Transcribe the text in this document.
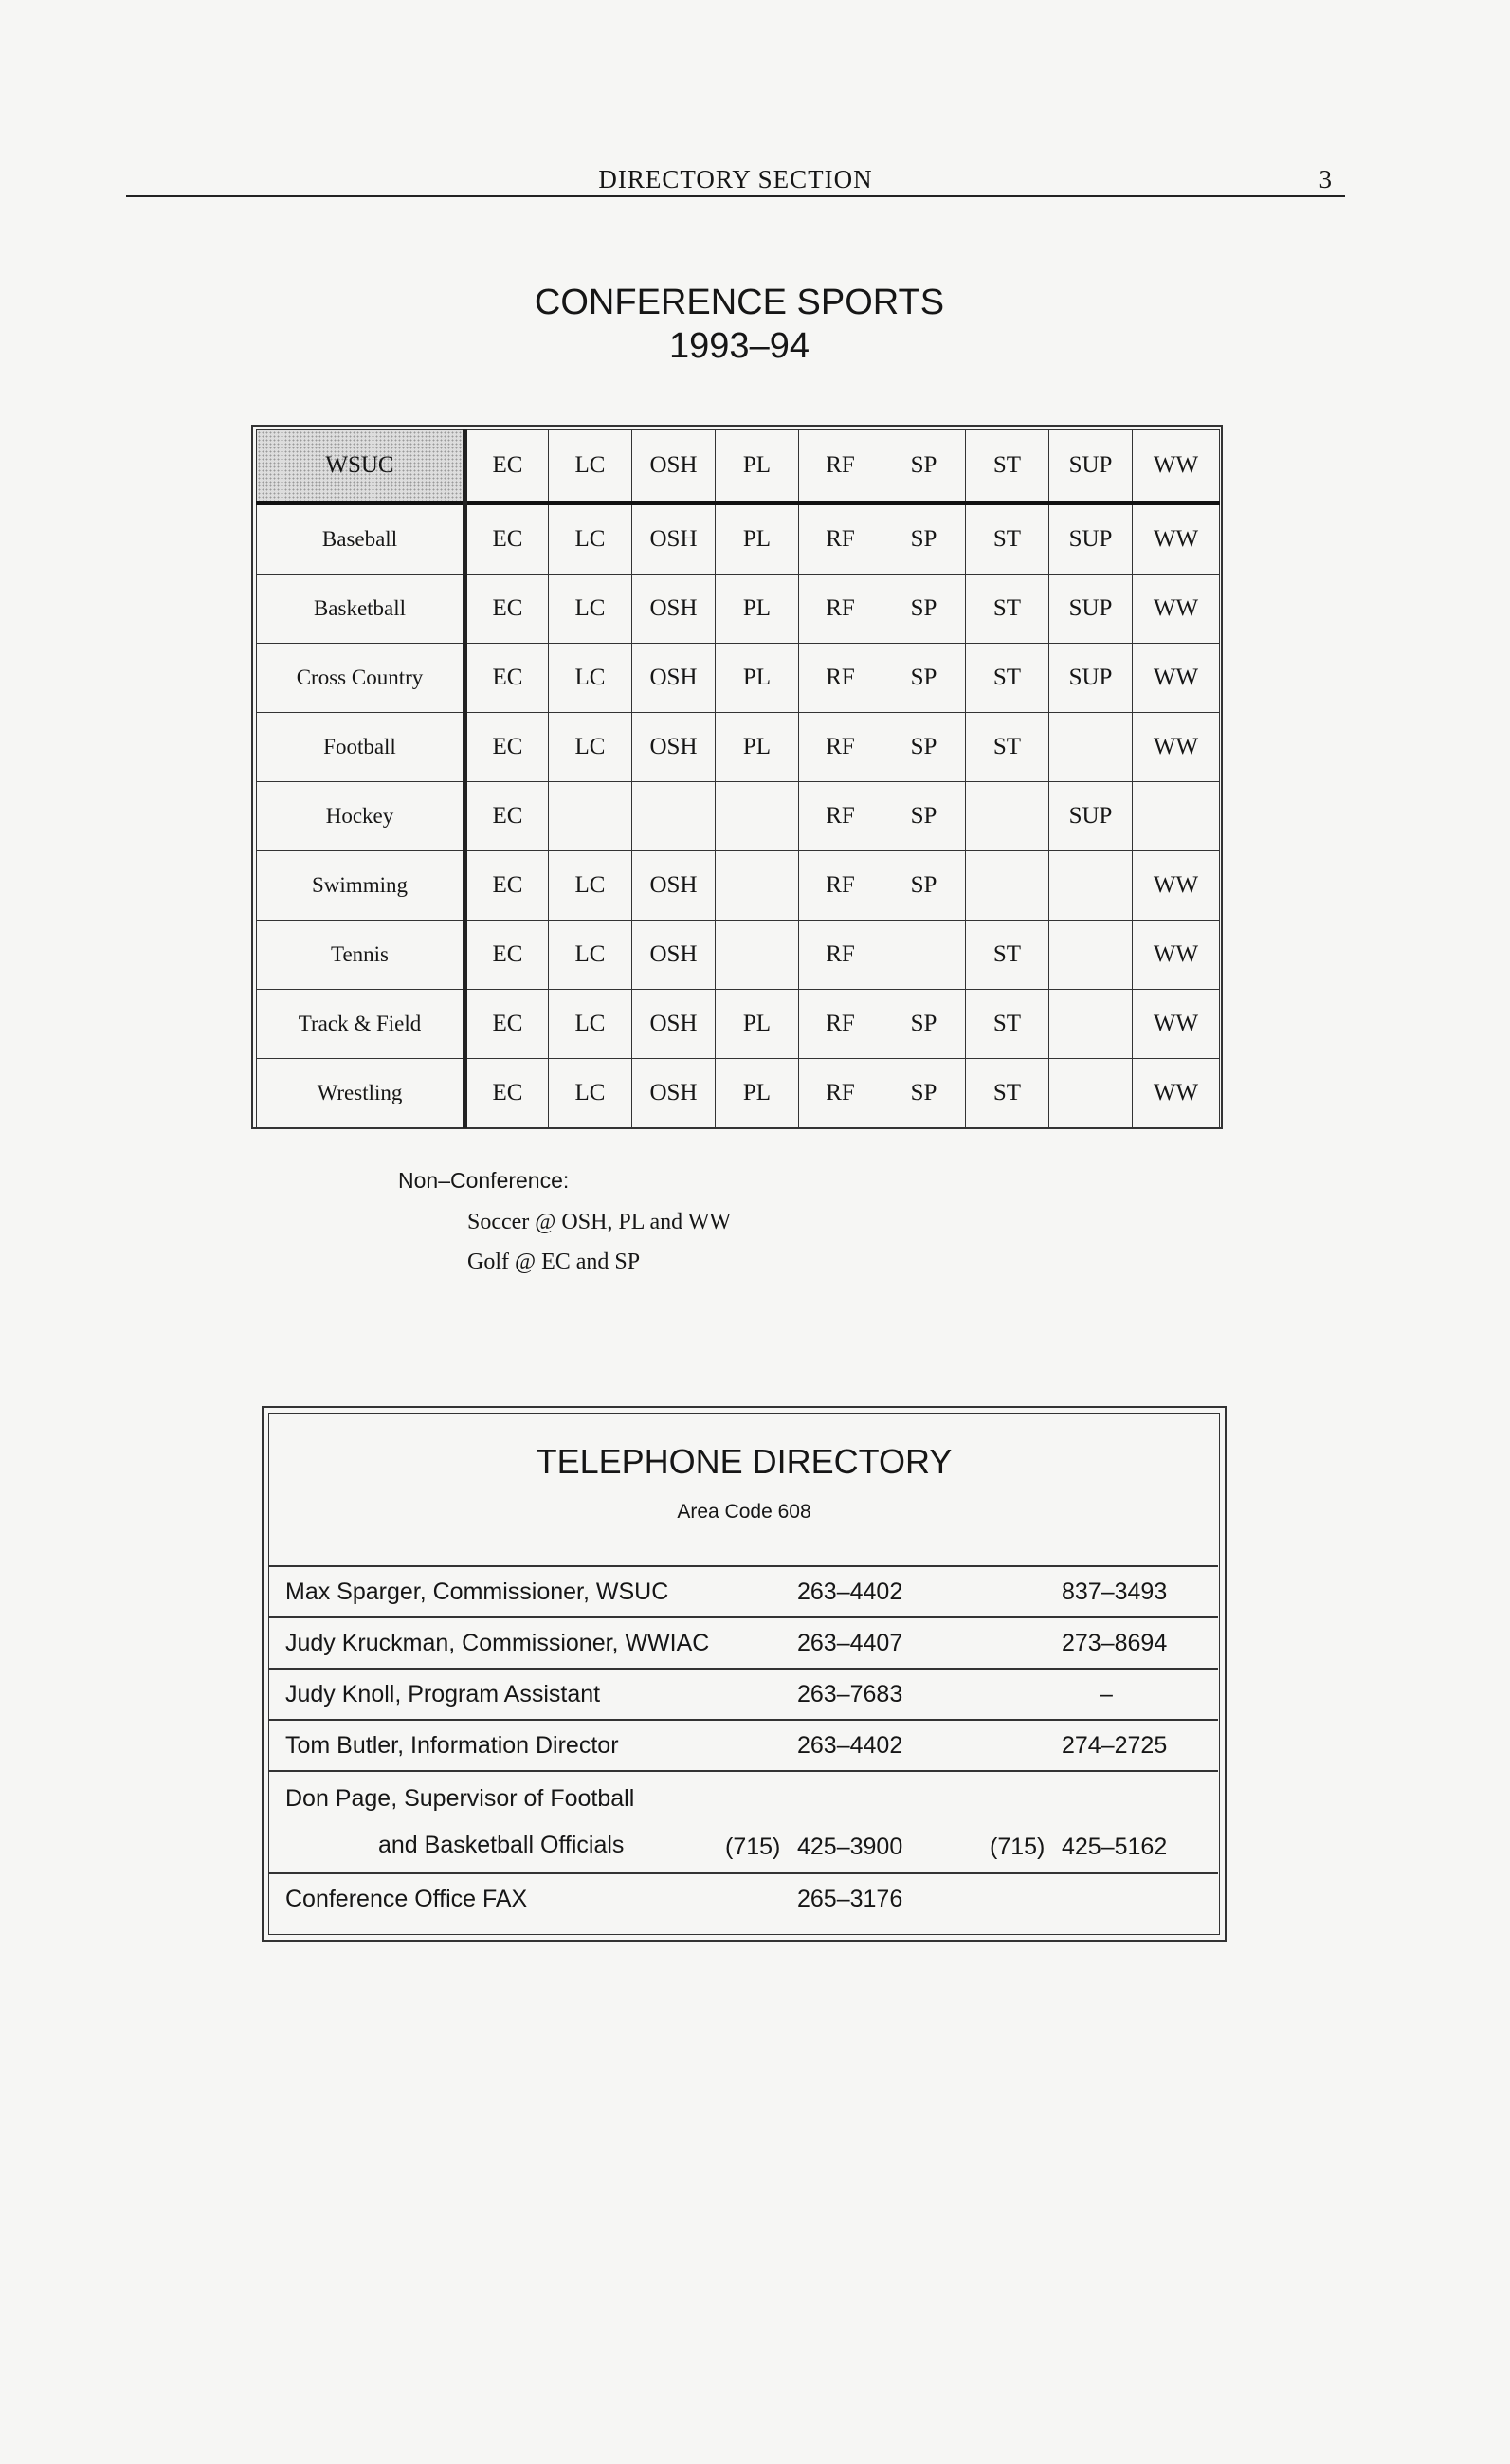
DIRECTORY SECTION	3
CONFERENCE SPORTS
1993–94
WSUC	EC	LC	OSH	PL	RF	SP	ST	SUP	WW
Baseball	EC	LC	OSH	PL	RF	SP	ST	SUP	WW
Basketball	EC	LC	OSH	PL	RF	SP	ST	SUP	WW
Cross Country	EC	LC	OSH	PL	RF	SP	ST	SUP	WW
Football	EC	LC	OSH	PL	RF	SP	ST		WW
Hockey	EC				RF	SP		SUP	
Swimming	EC	LC	OSH		RF	SP			WW
Tennis	EC	LC	OSH		RF		ST		WW
Track & Field	EC	LC	OSH	PL	RF	SP	ST		WW
Wrestling	EC	LC	OSH	PL	RF	SP	ST		WW
Non–Conference:
Soccer @ OSH, PL and WW
Golf @ EC and SP
TELEPHONE DIRECTORY
Area Code 608
Max Sparger, Commissioner, WSUC	263–4402	837–3493
Judy Kruckman, Commissioner, WWIAC	263–4407	273–8694
Judy Knoll, Program Assistant	263–7683	–
Tom Butler, Information Director	263–4402	274–2725

Don Page, Supervisor of Football
and Basketball Officials	(715) 425–3900	(715) 425–5162
Conference Office FAX	265–3176	
